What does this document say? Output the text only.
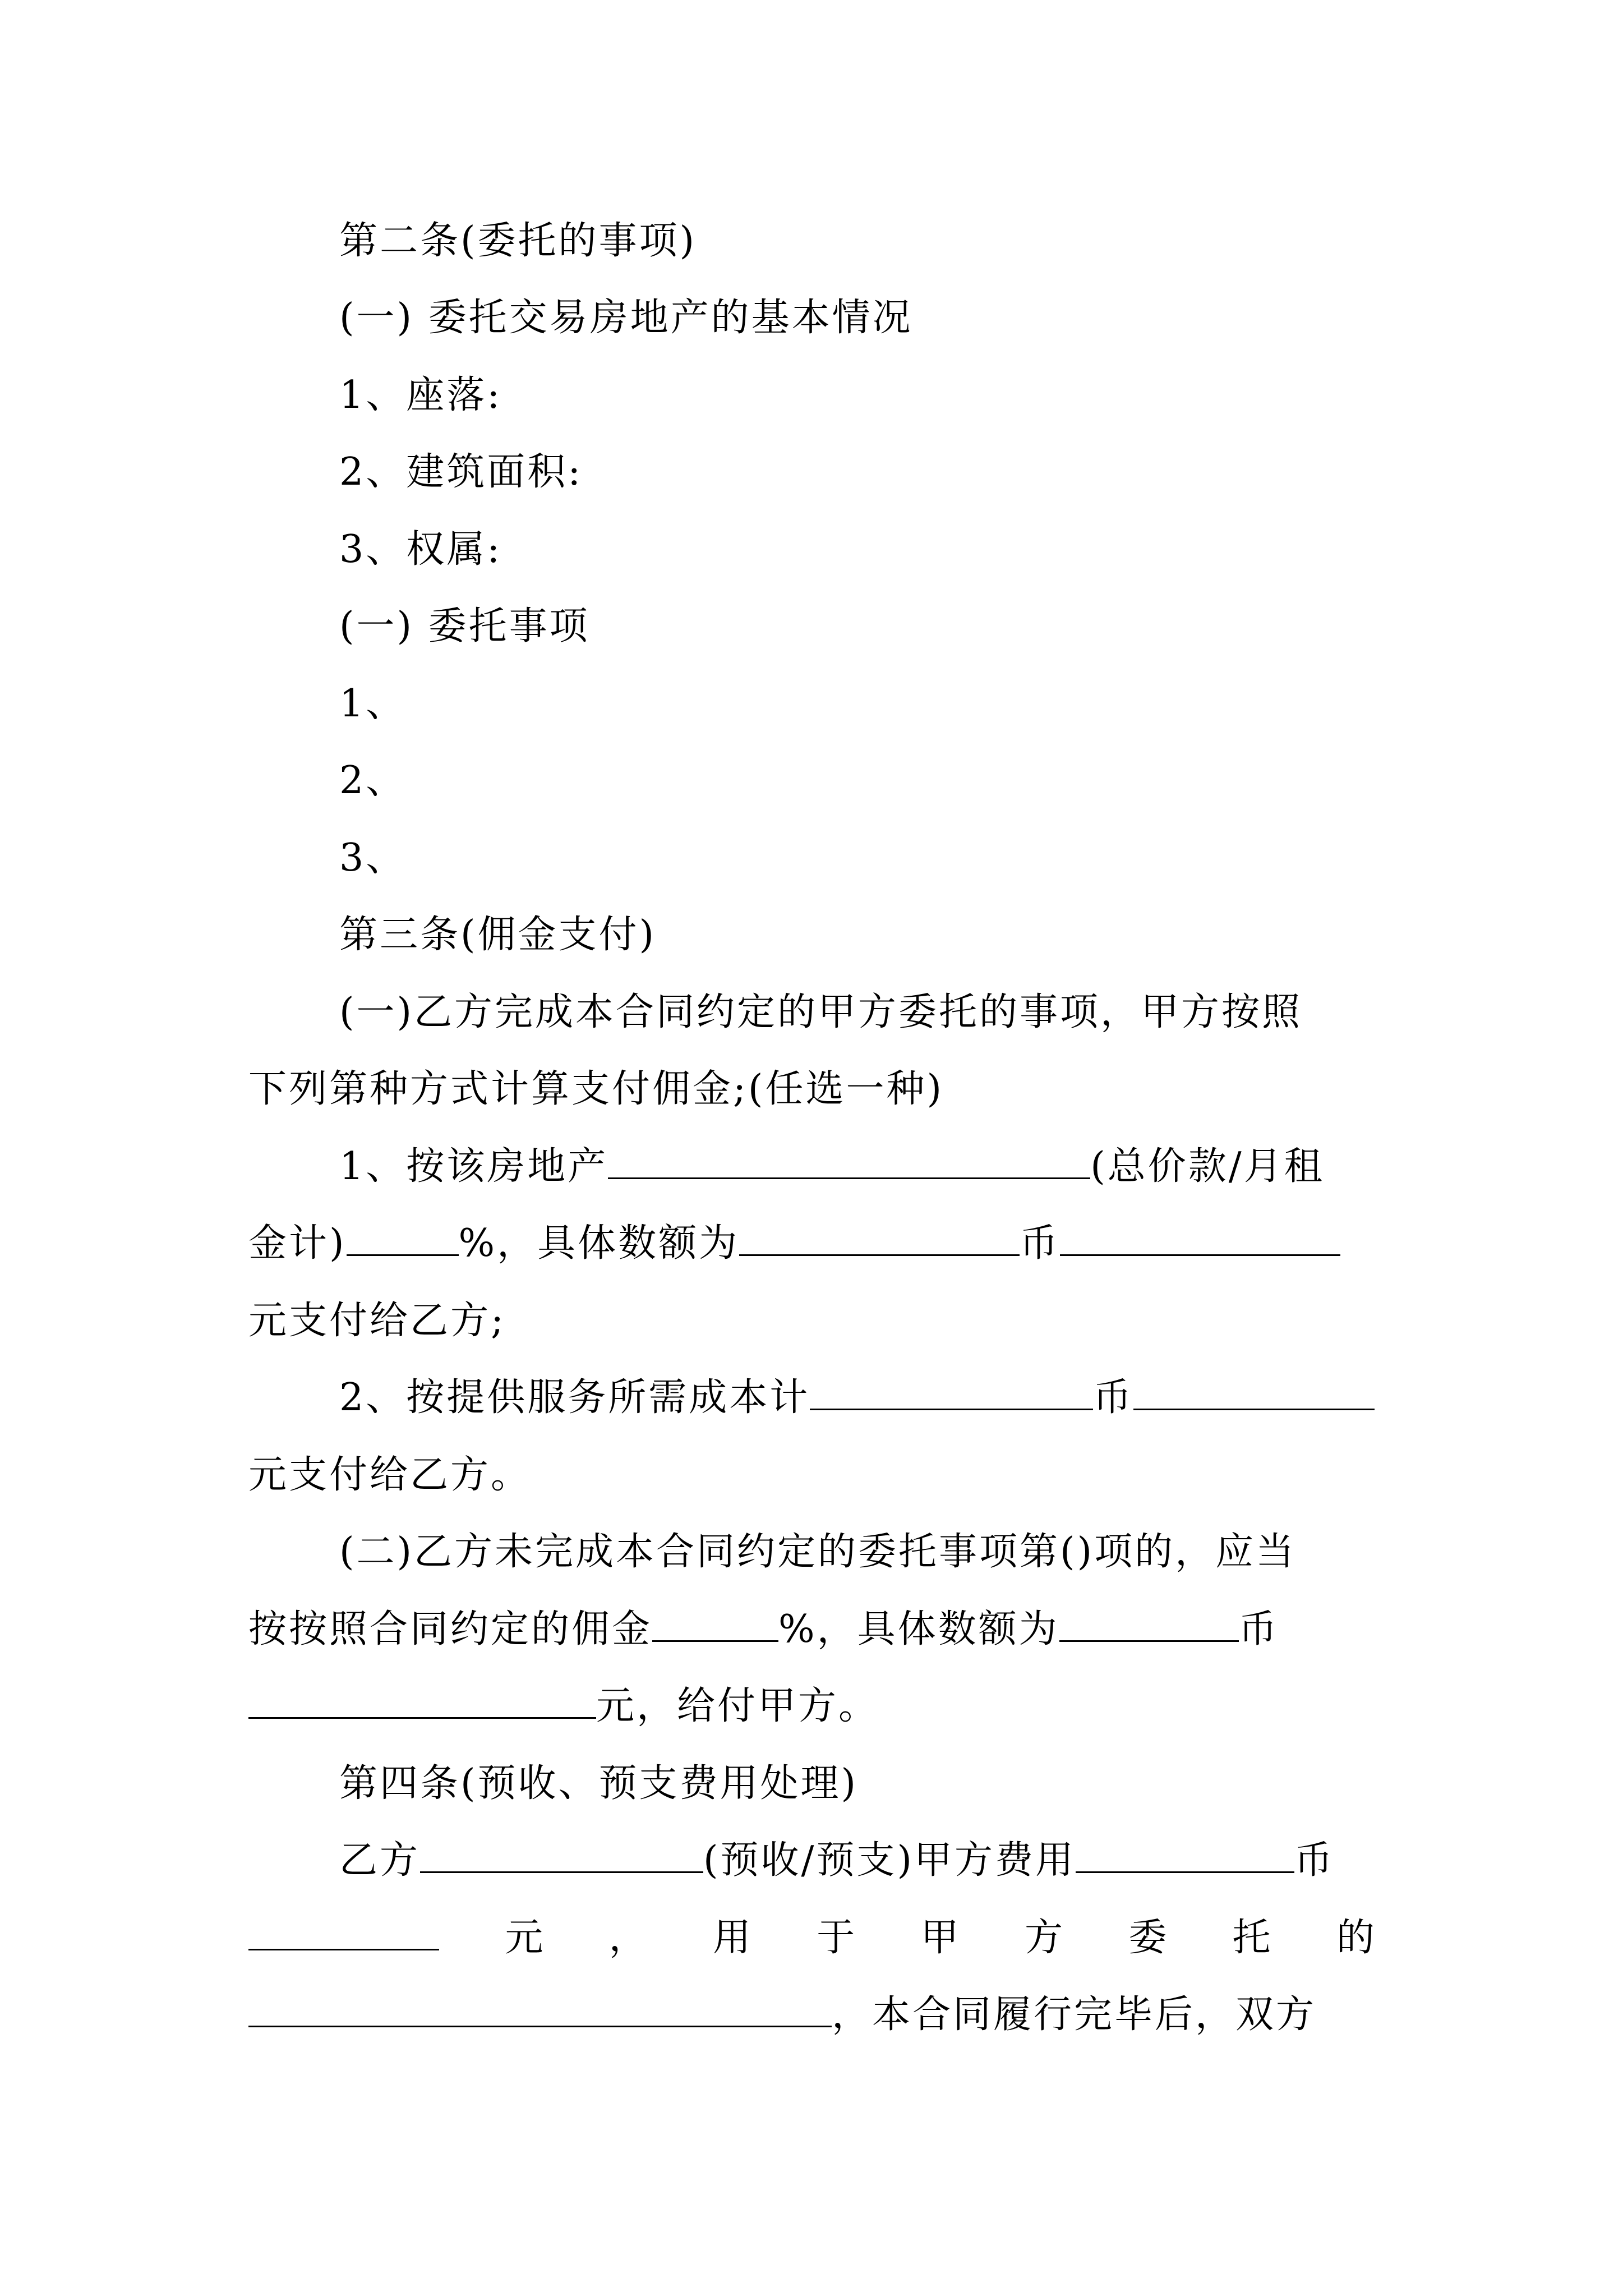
第二条(委托的事项)
(一) 委托交易房地产的基本情况
1、座落:
2、建筑面积:
3、权属:
(一) 委托事项
1、
2、
3、
第三条(佣金支付)
(一)乙方完成本合同约定的甲方委托的事项，甲方按照
下列第种方式计算支付佣金;(任选一种)
1、按该房地产	(总价款/月租
金计)	%，具体数额为	币
元支付给乙方;
2、按提供服务所需成本计	币
元支付给乙方。
(二)乙方未完成本合同约定的委托事项第()项的，应当
按按照合同约定的佣金	%，具体数额为	币
元，给付甲方。
第四条(预收、预支费用处理)
乙方	(预收/预支)甲方费用	币
元 ， 用 于 甲 方 委 托 的
，本合同履行完毕后，双方
